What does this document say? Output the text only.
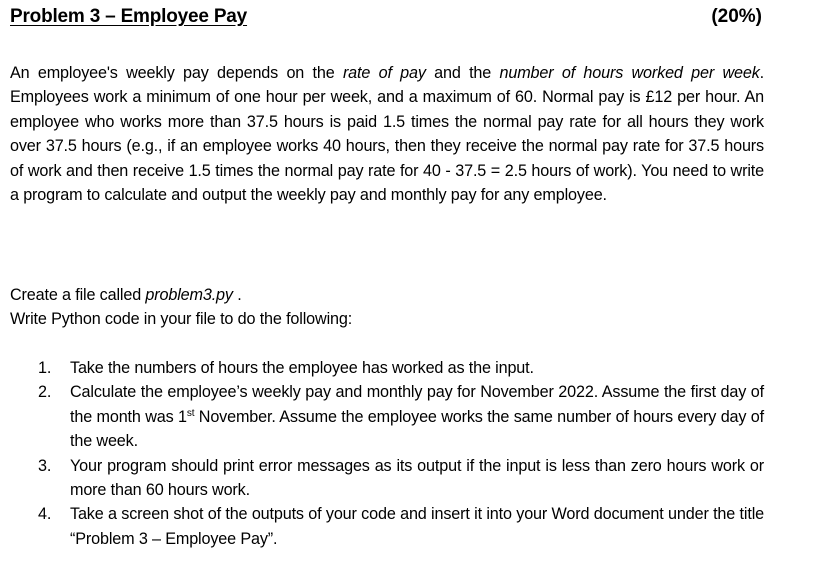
Problem 3 – Employee Pay	(20%)

An employee's weekly pay depends on the rate of pay and the number of hours worked per week. Employees work a minimum of one hour per week, and a maximum of 60. Normal pay is £12 per hour. An employee who works more than 37.5 hours is paid 1.5 times the normal pay rate for all hours they work over 37.5 hours (e.g., if an employee works 40 hours, then they receive the normal pay rate for 37.5 hours of work and then receive 1.5 times the normal pay rate for 40 - 37.5 = 2.5 hours of work). You need to write a program to calculate and output the weekly pay and monthly pay for any employee.

Create a file called problem3.py .
Write Python code in your file to do the following:
1. Take the numbers of hours the employee has worked as the input.
2. Calculate the employee’s weekly pay and monthly pay for November 2022. Assume the first day of the month was 1st November. Assume the employee works the same number of hours every day of the week.
3. Your program should print error messages as its output if the input is less than zero hours work or more than 60 hours work.
4. Take a screen shot of the outputs of your code and insert it into your Word document under the title “Problem 3 – Employee Pay”.
